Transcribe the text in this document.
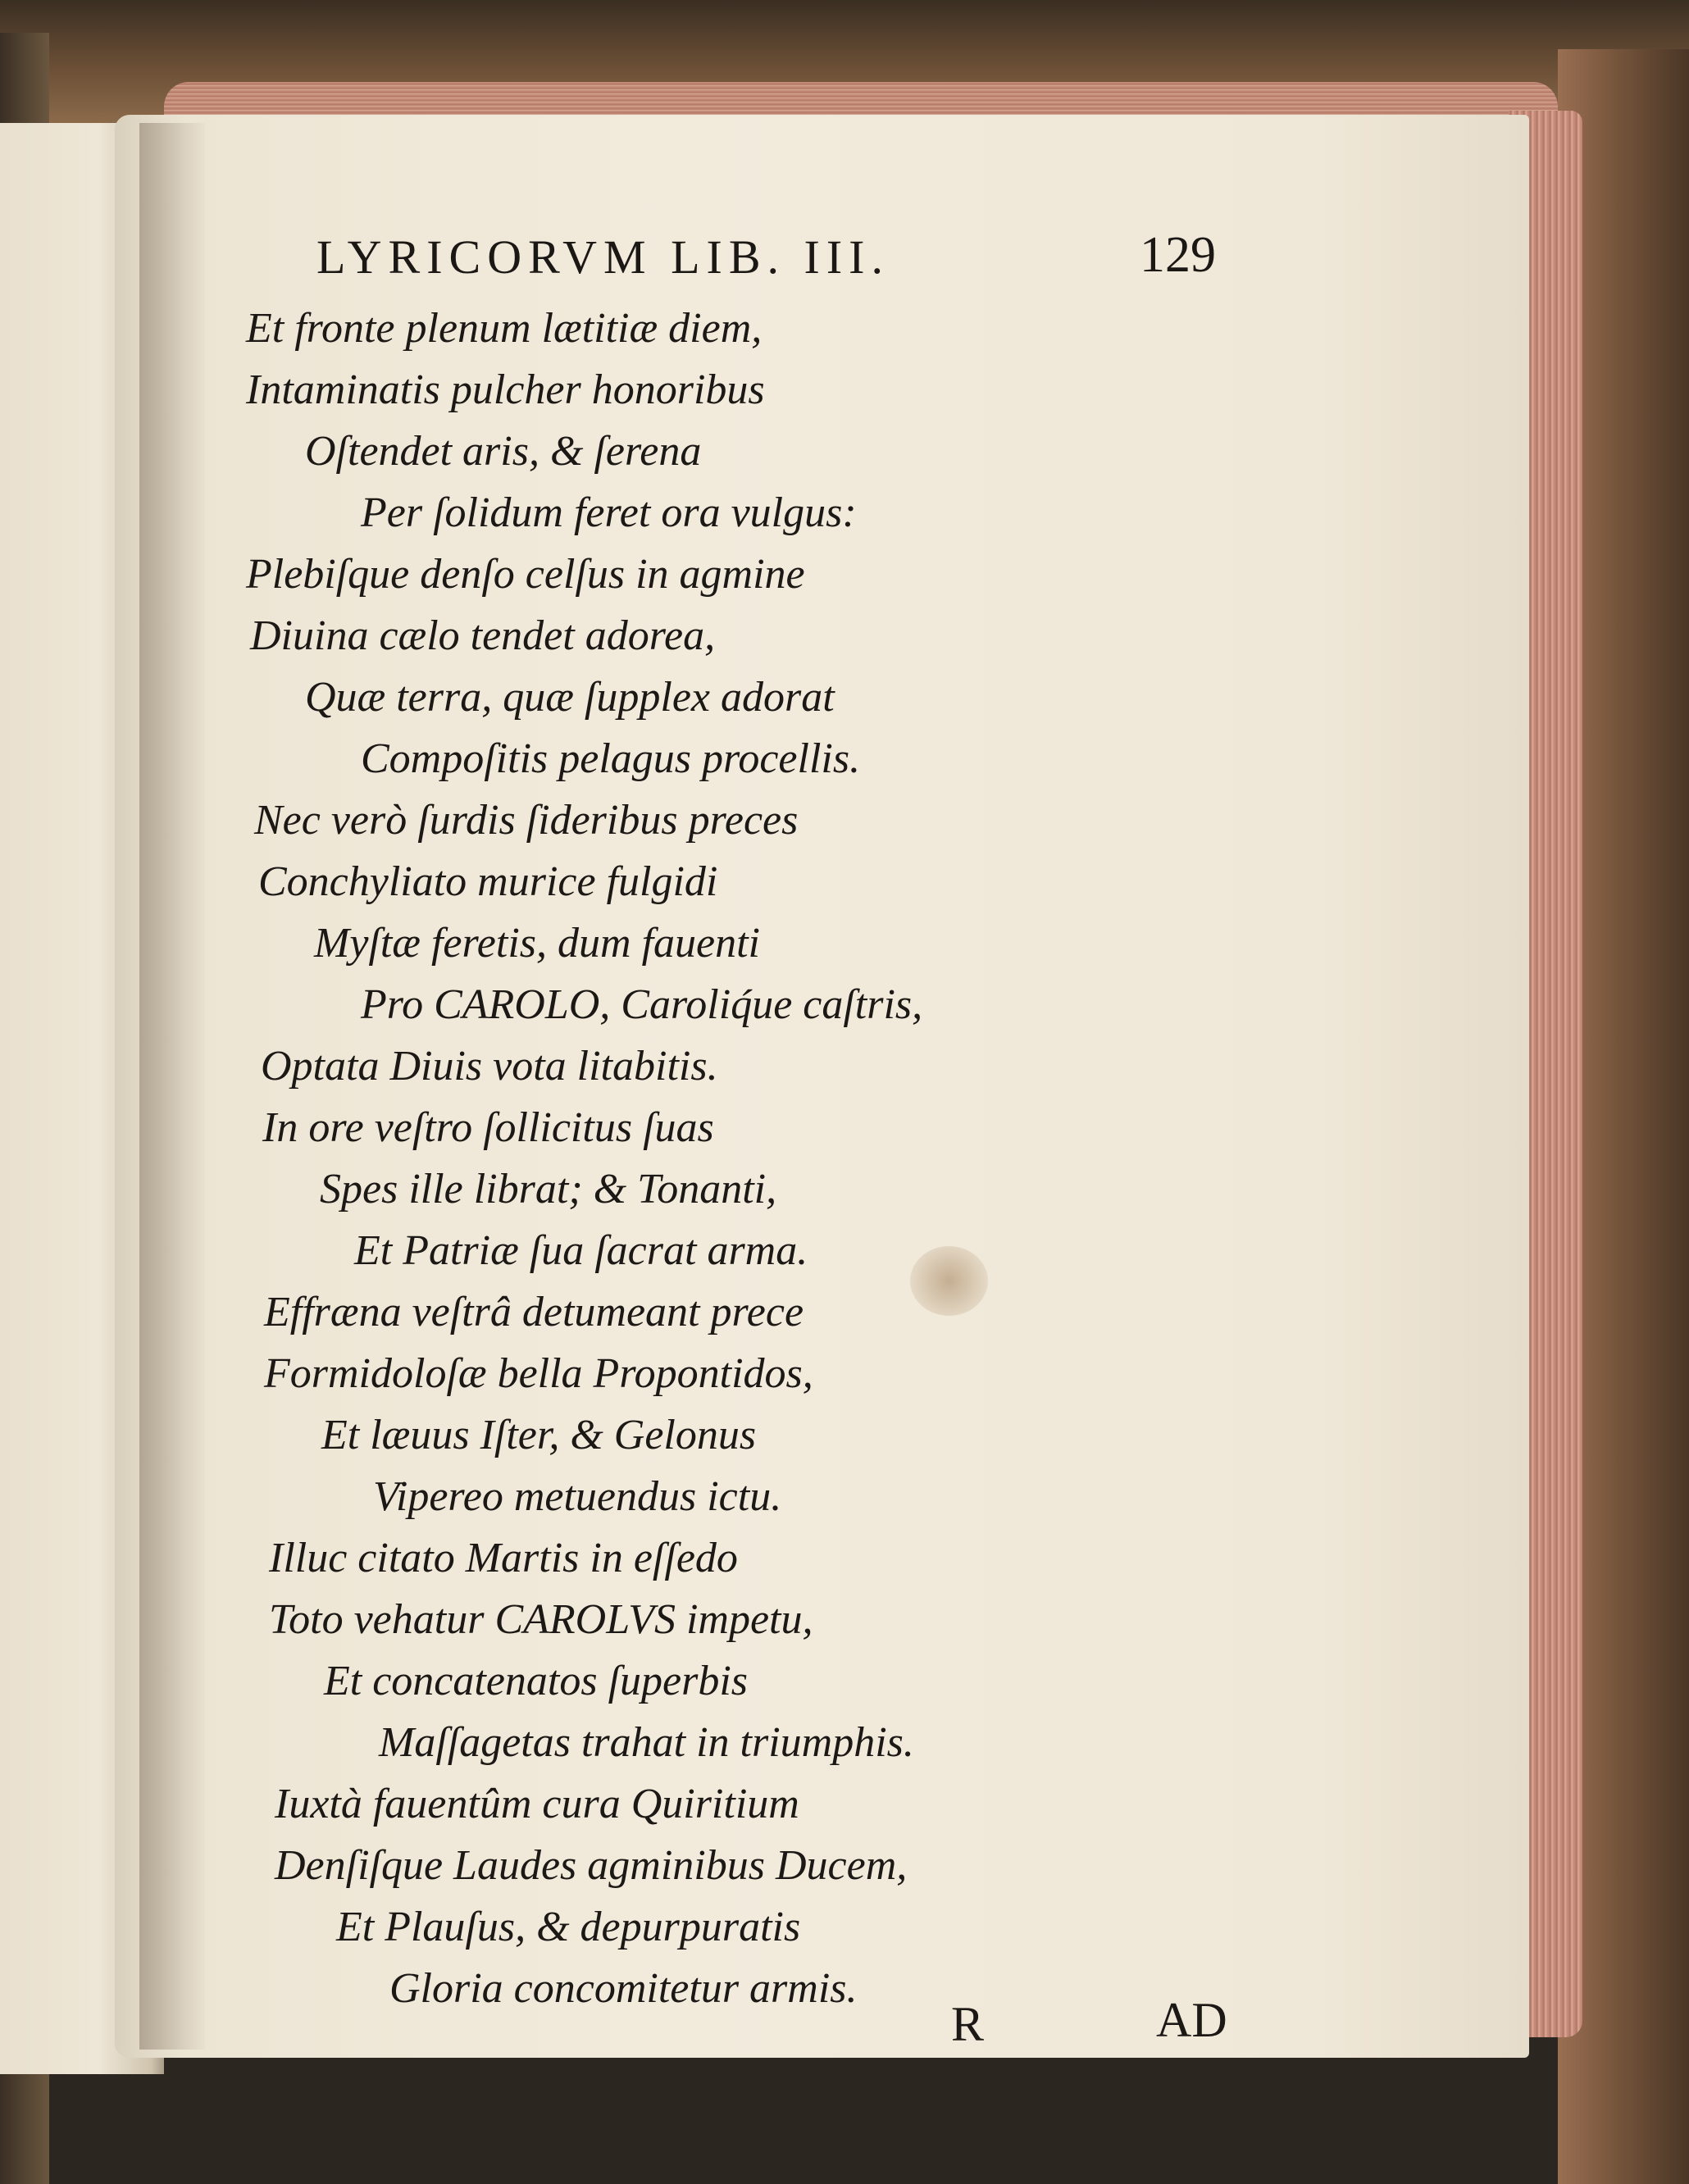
LYRICORVM LIB. III.	129
Et fronte plenum lætitiæ diem,
Intaminatis pulcher honoribus
Oſtendet aris, & ſerena
Per ſolidum feret ora vulgus:
Plebiſque denſo celſus in agmine
Diuina cælo tendet adorea,
Quæ terra, quæ ſupplex adorat
Compoſitis pelagus procellis.
Nec verò ſurdis ſideribus preces
Conchyliato murice fulgidi
Myſtæ feretis, dum fauenti
Pro CAROLO, Caroliq́ue caſtris,
Optata Diuis vota litabitis.
In ore veſtro ſollicitus ſuas
Spes ille librat; & Tonanti,
Et Patriæ ſua ſacrat arma.
Effræna veſtrâ detumeant prece
Formidoloſæ bella Propontidos,
Et læuus Iſter, & Gelonus
Vipereo metuendus ictu.
Illuc citato Martis in eſſedo
Toto vehatur CAROLVS impetu,
Et concatenatos ſuperbis
Maſſagetas trahat in triumphis.
Iuxtà fauentûm cura Quiritium
Denſiſque Laudes agminibus Ducem,
Et Plauſus, & depurpuratis
Gloria concomitetur armis.
R	AD
